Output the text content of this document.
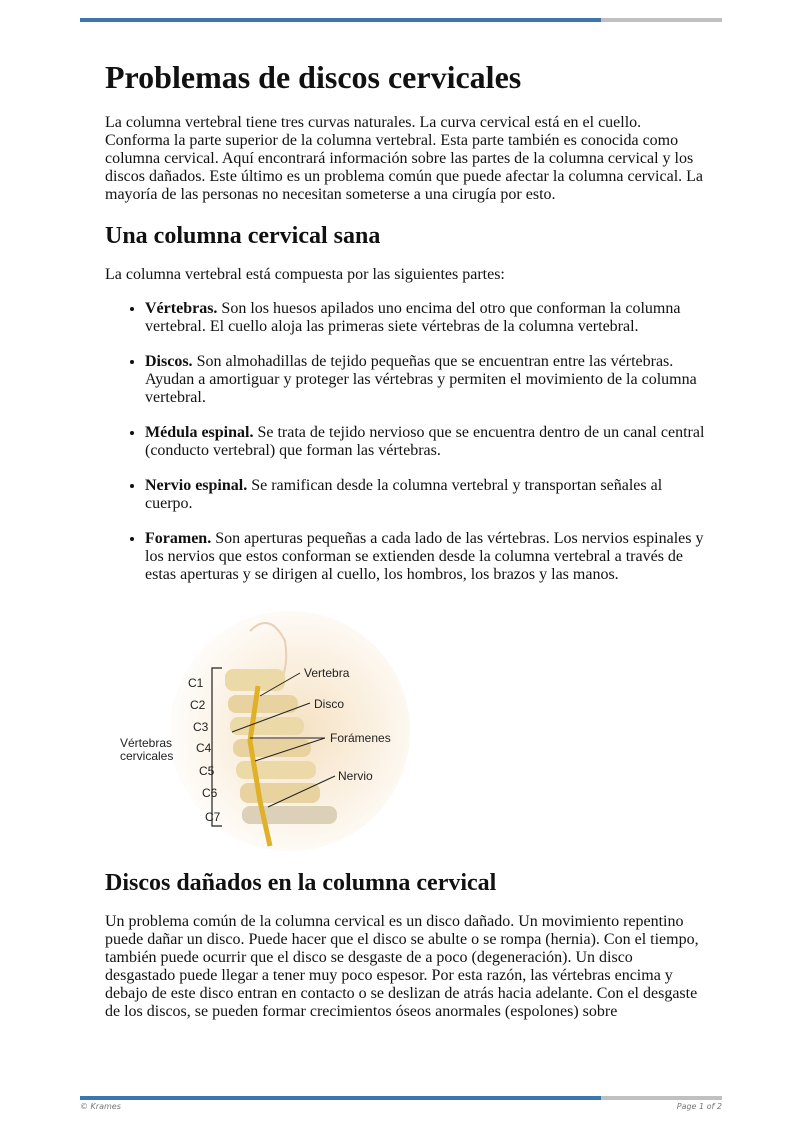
Problemas de discos cervicales

La columna vertebral tiene tres curvas naturales. La curva cervical está en el cuello. Conforma la parte superior de la columna vertebral. Esta parte también es conocida como columna cervical. Aquí encontrará información sobre las partes de la columna cervical y los discos dañados. Este último es un problema común que puede afectar la columna cervical. La mayoría de las personas no necesitan someterse a una cirugía por esto.

Una columna cervical sana

La columna vertebral está compuesta por las siguientes partes:

• Vértebras. Son los huesos apilados uno encima del otro que conforman la columna vertebral. El cuello aloja las primeras siete vértebras de la columna vertebral.
• Discos. Son almohadillas de tejido pequeñas que se encuentran entre las vértebras. Ayudan a amortiguar y proteger las vértebras y permiten el movimiento de la columna vertebral.
• Médula espinal. Se trata de tejido nervioso que se encuentra dentro de un canal central (conducto vertebral) que forman las vértebras.
• Nervio espinal. Se ramifican desde la columna vertebral y transportan señales al cuerpo.
• Foramen. Son aperturas pequeñas a cada lado de las vértebras. Los nervios espinales y los nervios que estos conforman se extienden desde la columna vertebral a través de estas aperturas y se dirigen al cuello, los hombros, los brazos y las manos.
C1
C2
C3
C4
C5
C6
C7
Vértebras
cervicales
Vertebra
Disco
Forámenes
Nervio
Discos dañados en la columna cervical

Un problema común de la columna cervical es un disco dañado. Un movimiento repentino puede dañar un disco. Puede hacer que el disco se abulte o se rompa (hernia). Con el tiempo, también puede ocurrir que el disco se desgaste de a poco (degeneración). Un disco desgastado puede llegar a tener muy poco espesor. Por esta razón, las vértebras encima y debajo de este disco entran en contacto o se deslizan de atrás hacia adelante. Con el desgaste de los discos, se pueden formar crecimientos óseos anormales (espolones) sobre

© Krames	Page 1 of 2
